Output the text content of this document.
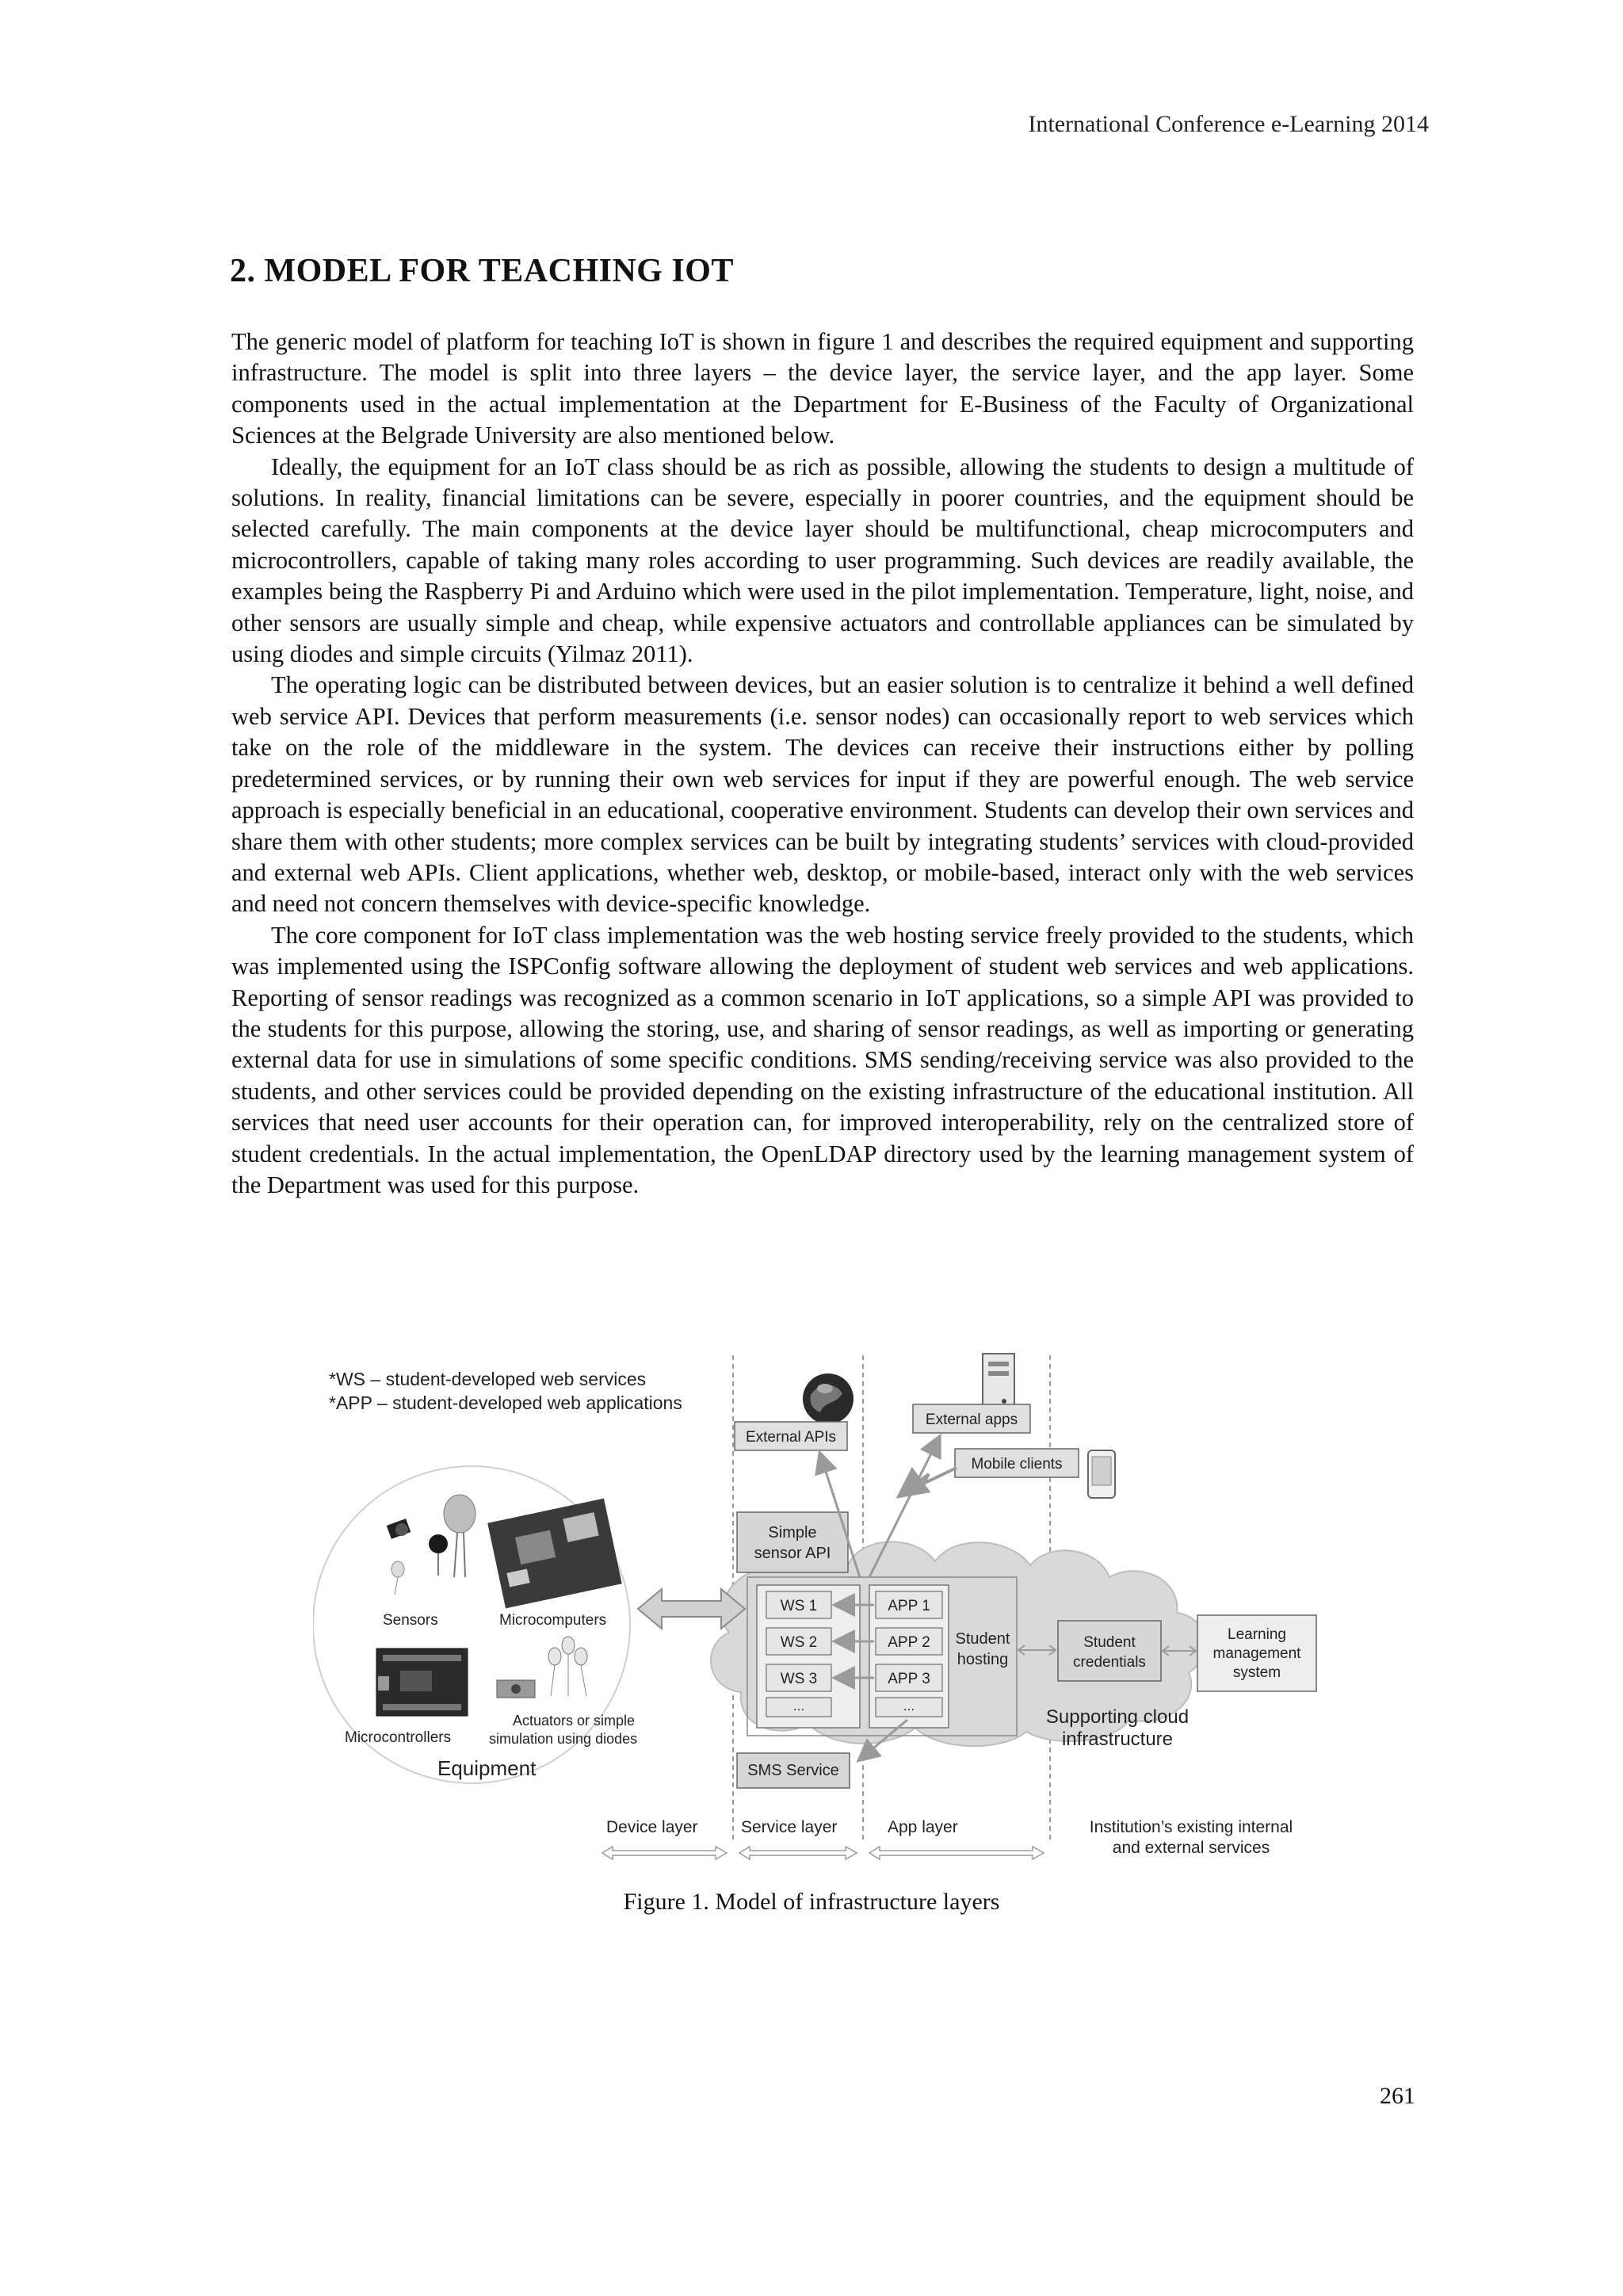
International Conference e-Learning 2014
2. MODEL FOR TEACHING IOT

The generic model of platform for teaching IoT is shown in figure 1 and describes the required equipment and supporting infrastructure. The model is split into three layers – the device layer, the service layer, and the app layer. Some components used in the actual implementation at the Department for E-Business of the Faculty of Organizational Sciences at the Belgrade University are also mentioned below.

Ideally, the equipment for an IoT class should be as rich as possible, allowing the students to design a multitude of solutions. In reality, financial limitations can be severe, especially in poorer countries, and the equipment should be selected carefully. The main components at the device layer should be multifunctional, cheap microcomputers and microcontrollers, capable of taking many roles according to user programming. Such devices are readily available, the examples being the Raspberry Pi and Arduino which were used in the pilot implementation. Temperature, light, noise, and other sensors are usually simple and cheap, while expensive actuators and controllable appliances can be simulated by using diodes and simple circuits (Yilmaz 2011).

The operating logic can be distributed between devices, but an easier solution is to centralize it behind a well defined web service API. Devices that perform measurements (i.e. sensor nodes) can occasionally report to web services which take on the role of the middleware in the system. The devices can receive their instructions either by polling predetermined services, or by running their own web services for input if they are powerful enough. The web service approach is especially beneficial in an educational, cooperative environment. Students can develop their own services and share them with other students; more complex services can be built by integrating students’ services with cloud-provided and external web APIs. Client applications, whether web, desktop, or mobile-based, interact only with the web services and need not concern themselves with device-specific knowledge.

The core component for IoT class implementation was the web hosting service freely provided to the students, which was implemented using the ISPConfig software allowing the deployment of student web services and web applications. Reporting of sensor readings was recognized as a common scenario in IoT applications, so a simple API was provided to the students for this purpose, allowing the storing, use, and sharing of sensor readings, as well as importing or generating external data for use in simulations of some specific conditions. SMS sending/receiving service was also provided to the students, and other services could be provided depending on the existing infrastructure of the educational institution. All services that need user accounts for their operation can, for improved interoperability, rely on the centralized store of student credentials. In the actual implementation, the OpenLDAP directory used by the learning management system of the Department was used for this purpose.

*WS – student-developed web services
*APP – student-developed web applications
Sensors	Microcomputers
Microcontrollers
Actuators or simple
simulation using diodes
Equipment
External APIs
External apps
Mobile clients
Simple
sensor API
WS 1
WS 2
WS 3
...
APP 1
APP 2
APP 3
...
Student
hosting
Student
credentials
Learning
management
system
Supporting cloud
infrastructure
SMS Service
Device layer	Service layer	App layer	Institution’s existing internal
and external services
Figure 1. Model of infrastructure layers
261
